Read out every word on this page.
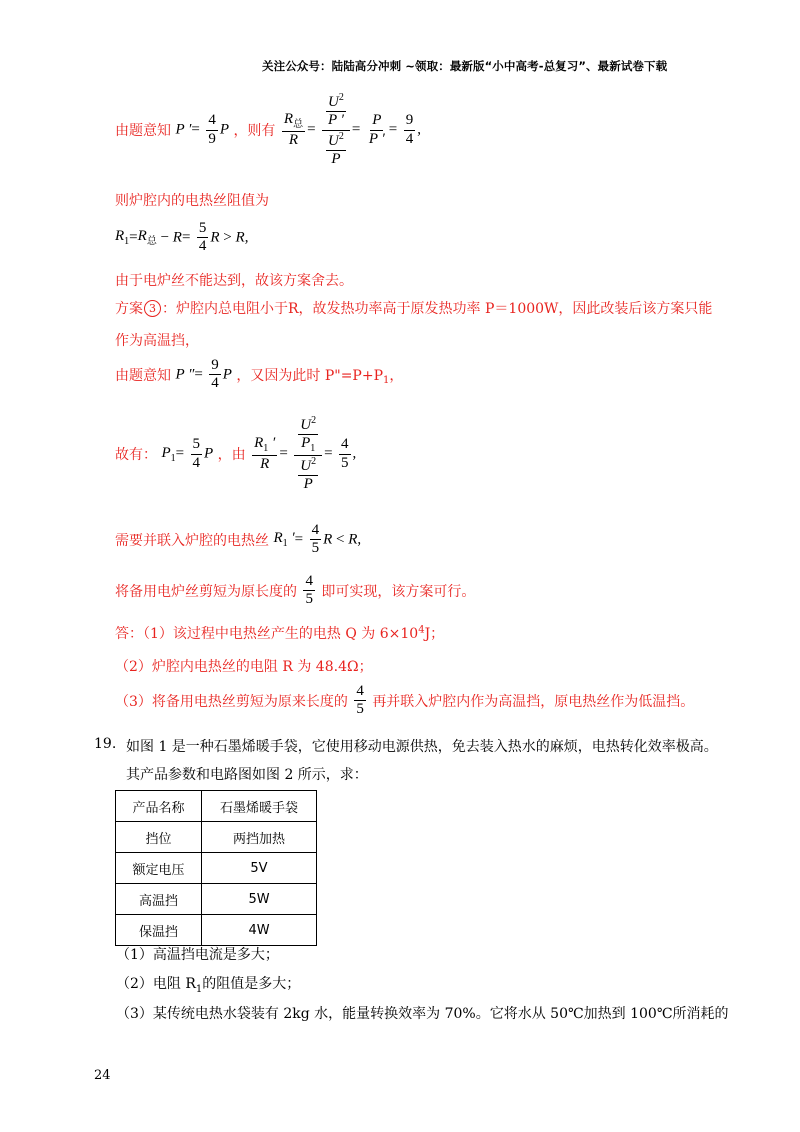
关注公众号：陆陆高分冲刺 ~领取：最新版“小中高考-总复习”、最新试卷下载
由题意知 P ′= $\frac{4}{9}$ P ，则有 $\frac{R_总}{R} = \frac{\frac{U^2}{P '}}{\frac{U^2}{P}} = \frac{P}{P '} = \frac{9}{4}$ ,
则炉腔内的电热丝阻值为
$R_1=R_总 - R= \frac{5}{4}$ R > R,
由于电炉丝不能达到，故该方案舍去。
方案 3 ：炉腔内总电阻小于R，故发热功率高于原发热功率 P＝1000W，因此改装后该方案只能
作为高温挡，
由题意知 P ″= $\frac{9}{4}$ P ，又因为此时 $P"=P+P_1$，
故有： $P_1= \frac{5}{4}$ P ，由 $\frac{R_1 '}{R} = \frac{\frac{U^2}{P_1}}{\frac{U^2}{P}} = \frac{4}{5}$ ,
需要并联入炉腔的电热丝 $R_1$ ′= $\frac{4}{5}$ R < R,
将备用电炉丝剪短为原长度的 $\frac{4}{5}$ 即可实现，该方案可行。
答：（1）该过程中电热丝产生的电热 Q 为 $6\times 10^4J$；
（2）炉腔内电热丝的电阻 R 为 48.4Ω；
（3）将备用电热丝剪短为原来长度的 $\frac{4}{5}$ 再并联入炉腔内作为高温挡，原电热丝作为低温挡。
19. 如图 1 是一种石墨烯暖手袋，它使用移动电源供热，免去装入热水的麻烦，电热转化效率极高。
其产品参数和电路图如图 2 所示，求：
产品名称	石墨烯暖手袋
挡位	两挡加热
额定电压	5V
高温挡	5W
保温挡	4W
（1）高温挡电流是多大；
（2）电阻 $R_1$的阻值是多大；
（3）某传统电热水袋装有 2kg 水，能量转换效率为 70%。它将水从 50℃加热到 100℃所消耗的
24
